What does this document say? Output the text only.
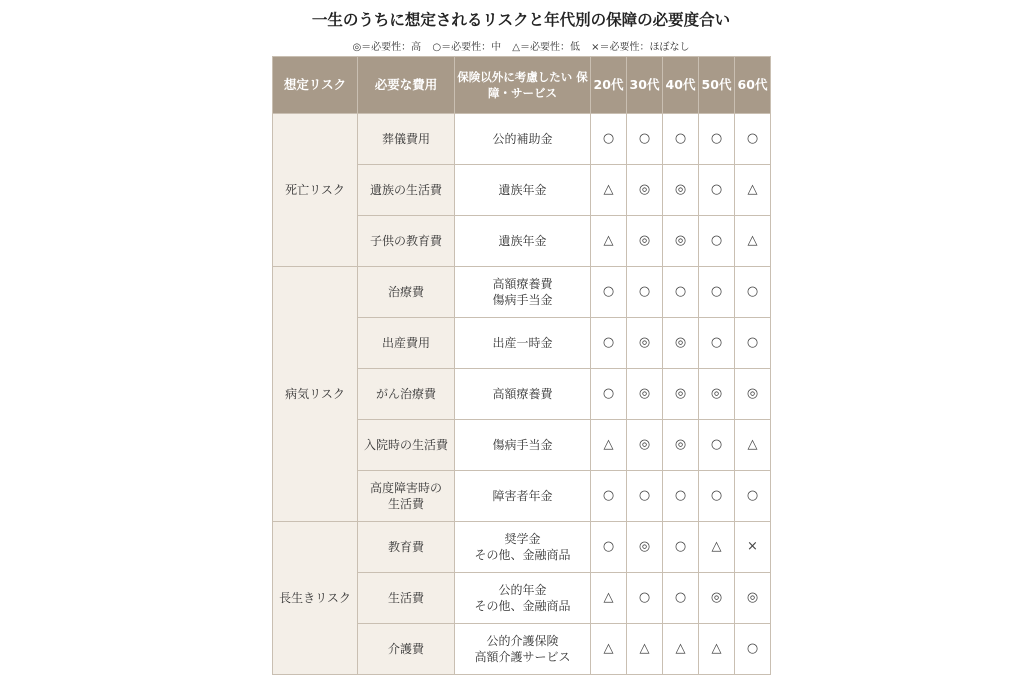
一生のうちに想定されるリスクと年代別の保障の必要度合い
◎＝必要性：高 ○＝必要性：中 △＝必要性：低 ×＝必要性：ほぼなし
想定リスク	必要な費用	保険以外に考慮したい 保障・サービス	20代	30代	40代	50代	60代
死亡リスク	葬儀費用	公的補助金	○	○	○	○	○

	遺族の生活費	遺族年金	△	◎	◎	○	△

	子供の教育費	遺族年金	△	◎	◎	○	△
病気リスク	治療費	高額療養費
傷病手当金	○	○	○	○	○

	出産費用	出産一時金	○	◎	◎	○	○

	がん治療費	高額療養費	○	◎	◎	◎	◎

	入院時の生活費	傷病手当金	△	◎	◎	○	△

	高度障害時の
生活費	障害者年金	○	○	○	○	○
長生きリスク	教育費	奨学金
その他、金融商品	○	◎	○	△	×

	生活費	公的年金
その他、金融商品	△	○	○	◎	◎

	介護費	公的介護保険
高額介護サービス	△	△	△	△	○
